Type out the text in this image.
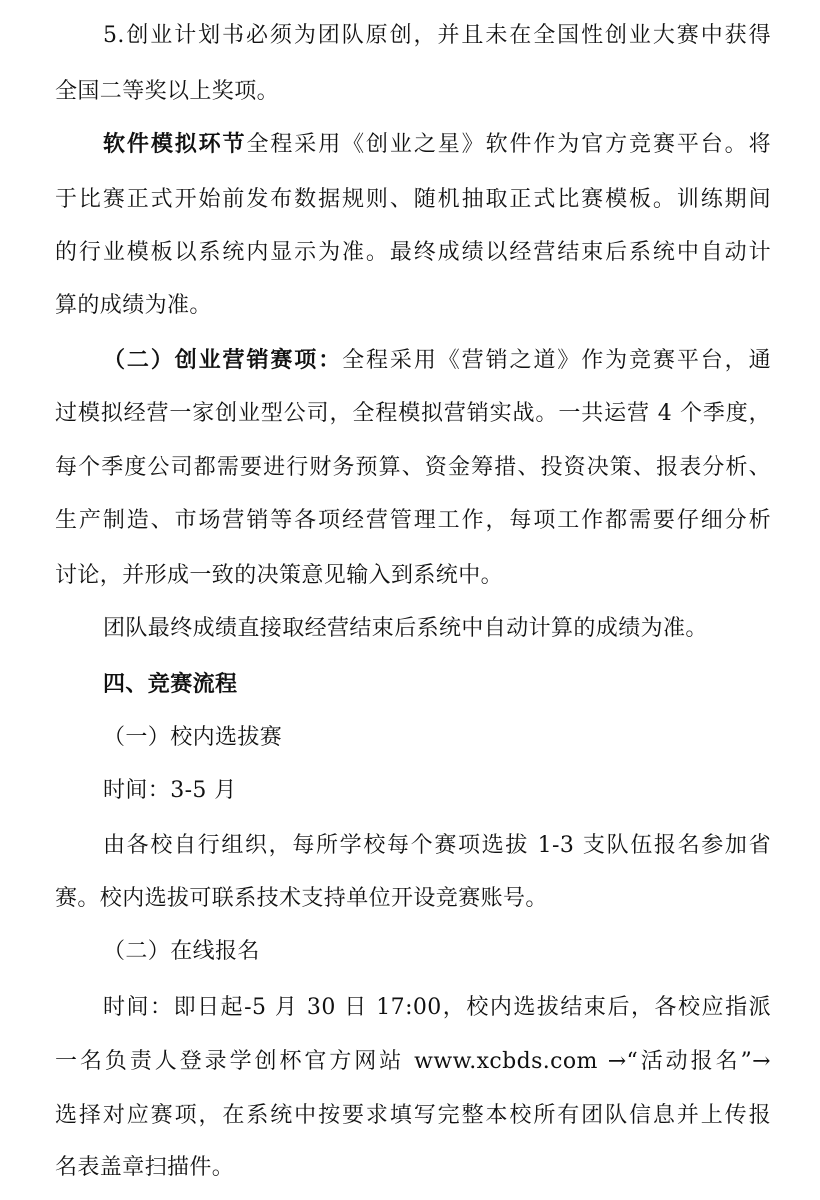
5.创业计划书必须为团队原创，并且未在全国性创业大赛中获得
全国二等奖以上奖项。
软件模拟环节全程采用《创业之星》软件作为官方竞赛平台。将
于比赛正式开始前发布数据规则、随机抽取正式比赛模板。训练期间
的行业模板以系统内显示为准。最终成绩以经营结束后系统中自动计
算的成绩为准。
（二）创业营销赛项：全程采用《营销之道》作为竞赛平台，通
过模拟经营一家创业型公司，全程模拟营销实战。一共运营 4 个季度，
每个季度公司都需要进行财务预算、资金筹措、投资决策、报表分析、
生产制造、市场营销等各项经营管理工作，每项工作都需要仔细分析
讨论，并形成一致的决策意见输入到系统中。
团队最终成绩直接取经营结束后系统中自动计算的成绩为准。
四、竞赛流程
（一）校内选拔赛
时间：3-5 月
由各校自行组织，每所学校每个赛项选拔 1-3 支队伍报名参加省
赛。校内选拔可联系技术支持单位开设竞赛账号。
（二）在线报名
时间：即日起-5 月 30 日 17:00，校内选拔结束后，各校应指派
一名负责人登录学创杯官方网站 www.xcbds.com →“活动报名”→
选择对应赛项，在系统中按要求填写完整本校所有团队信息并上传报
名表盖章扫描件。
